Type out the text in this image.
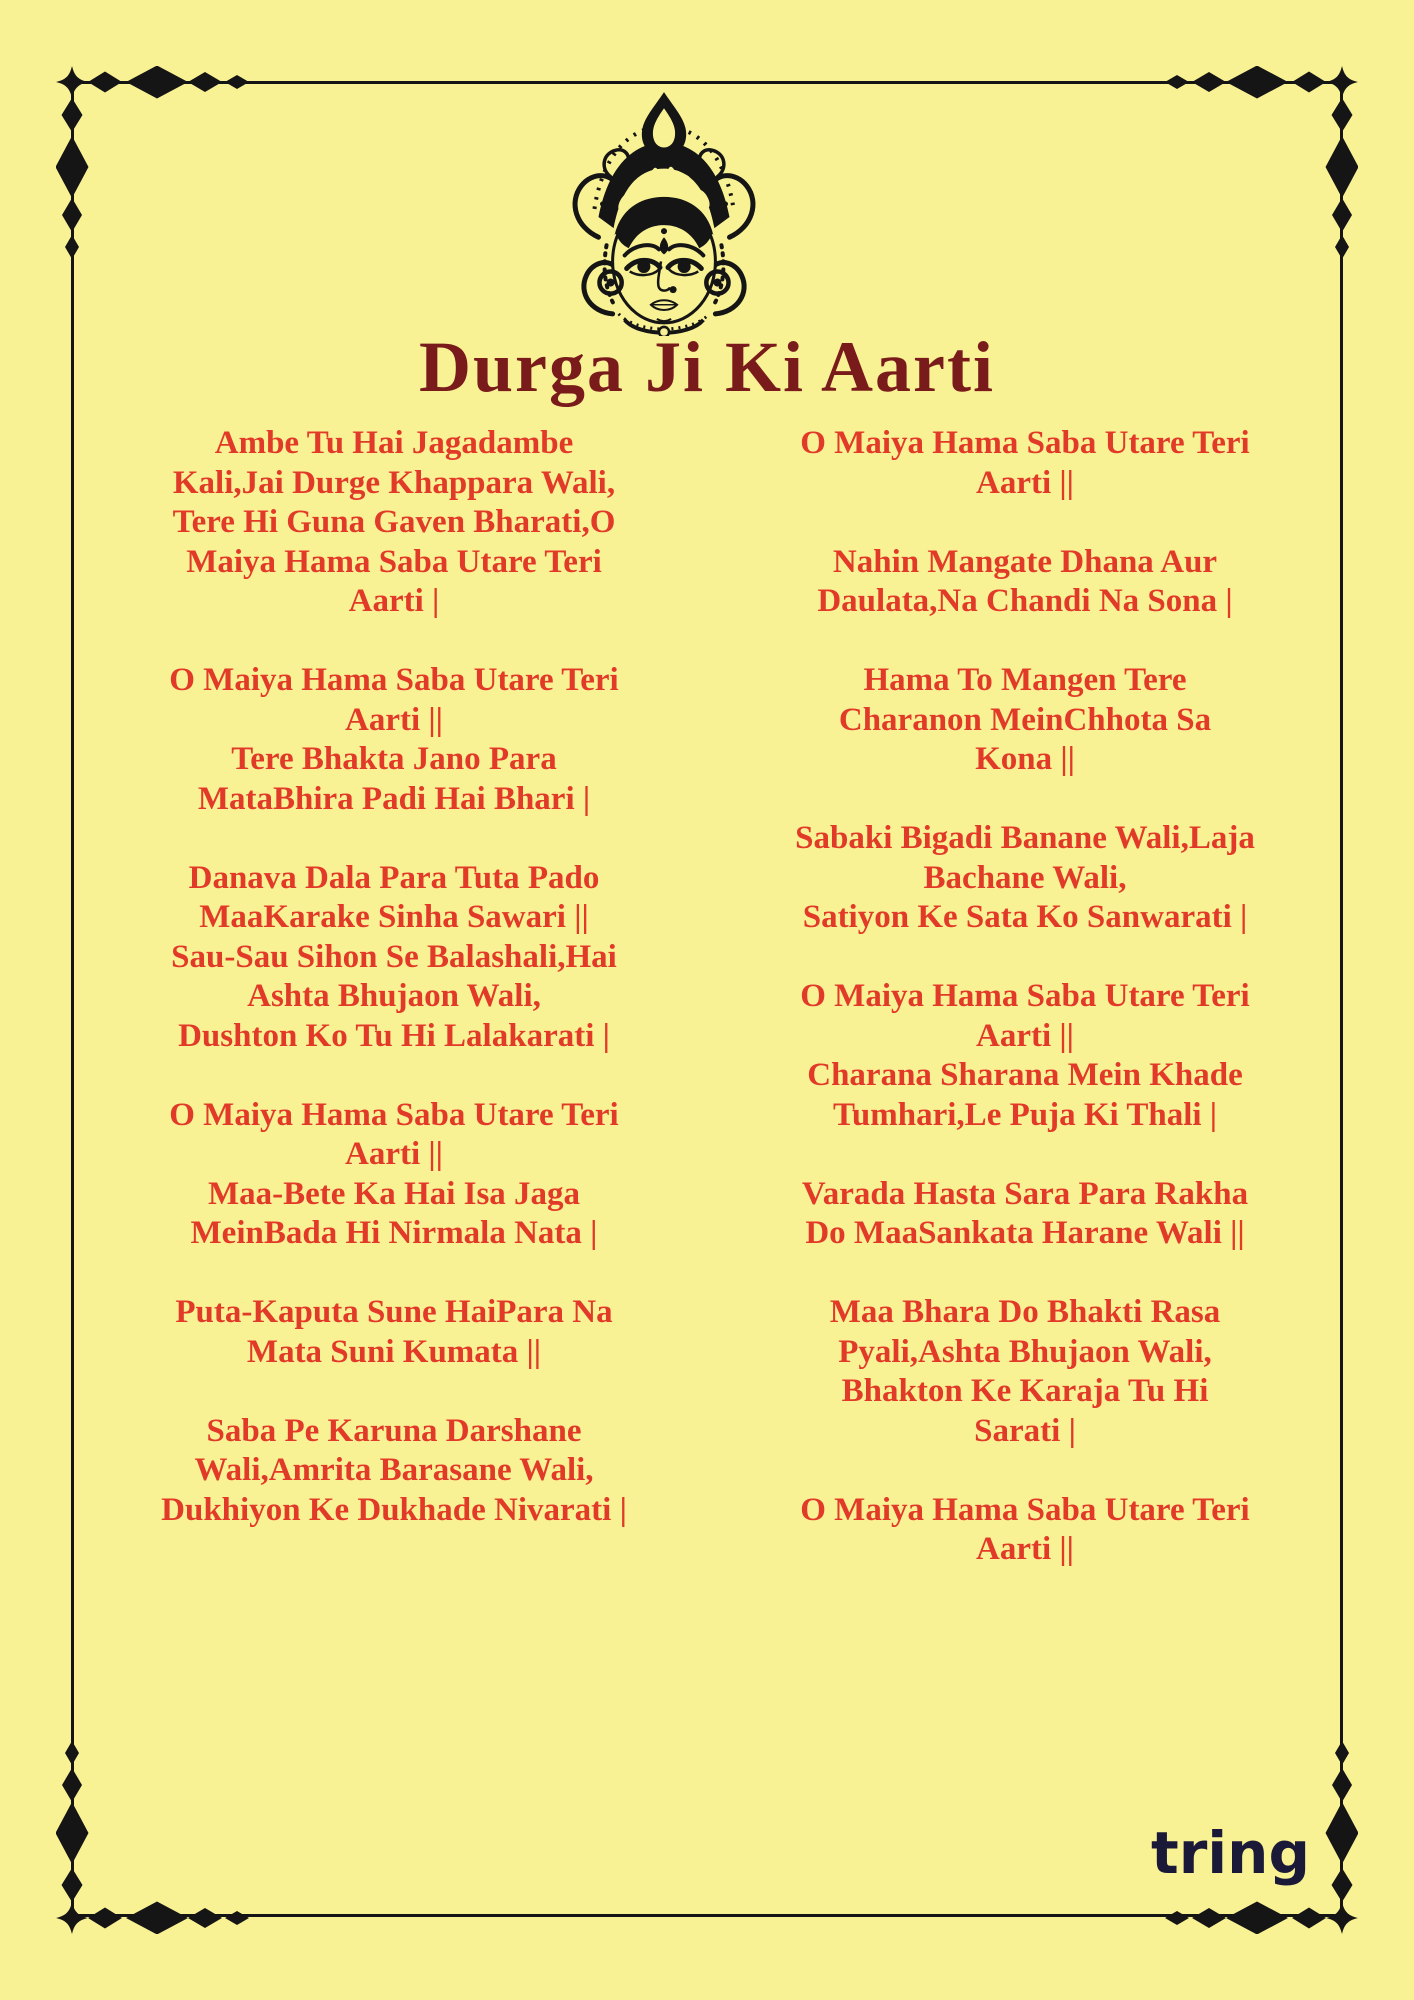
Durga Ji Ki Aarti
Ambe Tu Hai Jagadambe
Kali,Jai Durge Khappara Wali,
Tere Hi Guna Gaven Bharati,O
Maiya Hama Saba Utare Teri
Aarti |
O Maiya Hama Saba Utare Teri
Aarti ||
Tere Bhakta Jano Para
MataBhira Padi Hai Bhari |
Danava Dala Para Tuta Pado
MaaKarake Sinha Sawari ||
Sau-Sau Sihon Se Balashali,Hai
Ashta Bhujaon Wali,
Dushton Ko Tu Hi Lalakarati |
O Maiya Hama Saba Utare Teri
Aarti ||
Maa-Bete Ka Hai Isa Jaga
MeinBada Hi Nirmala Nata |
Puta-Kaputa Sune HaiPara Na
Mata Suni Kumata ||
Saba Pe Karuna Darshane
Wali,Amrita Barasane Wali,
Dukhiyon Ke Dukhade Nivarati |
O Maiya Hama Saba Utare Teri
Aarti ||
Nahin Mangate Dhana Aur
Daulata,Na Chandi Na Sona |
Hama To Mangen Tere
Charanon MeinChhota Sa
Kona ||
Sabaki Bigadi Banane Wali,Laja
Bachane Wali,
Satiyon Ke Sata Ko Sanwarati |
O Maiya Hama Saba Utare Teri
Aarti ||
Charana Sharana Mein Khade
Tumhari,Le Puja Ki Thali |
Varada Hasta Sara Para Rakha
Do MaaSankata Harane Wali ||
Maa Bhara Do Bhakti Rasa
Pyali,Ashta Bhujaon Wali,
Bhakton Ke Karaja Tu Hi
Sarati |
O Maiya Hama Saba Utare Teri
Aarti ||
tring
